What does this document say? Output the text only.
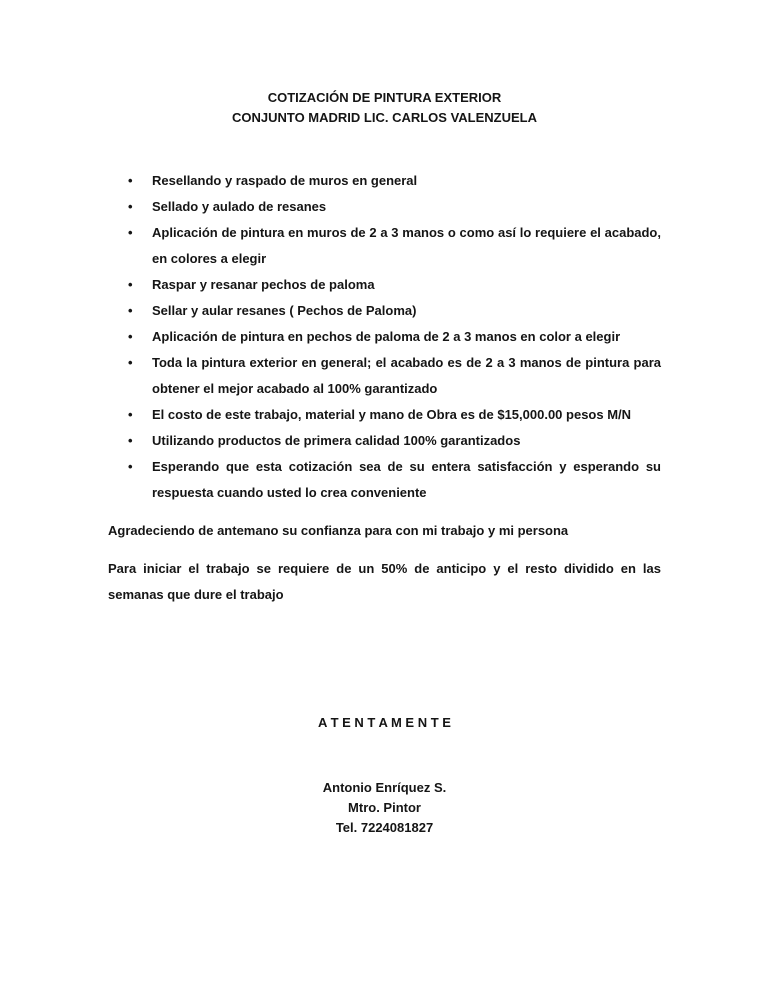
COTIZACIÓN DE PINTURA EXTERIOR
CONJUNTO MADRID LIC. CARLOS VALENZUELA
• Resellando y raspado de muros en general
• Sellado y aulado de resanes
• Aplicación de pintura en muros de 2 a 3 manos o como así lo requiere el acabado, en colores a elegir
• Raspar y resanar pechos de paloma
• Sellar y aular resanes ( Pechos de Paloma)
• Aplicación de pintura en pechos de paloma de 2 a 3 manos en color a elegir
• Toda la pintura exterior en general; el acabado es de 2 a 3 manos de pintura para obtener el mejor acabado al 100% garantizado
• El costo de este trabajo, material y mano de Obra es de $15,000.00 pesos M/N
• Utilizando productos de primera calidad 100% garantizados
• Esperando que esta cotización sea de su entera satisfacción y esperando su respuesta cuando usted lo crea conveniente

Agradeciendo de antemano su confianza para con mi trabajo y mi persona

Para iniciar el trabajo se requiere de un 50% de anticipo y el resto dividido en las semanas que dure el trabajo

A T E N T A M E N T E
Antonio Enríquez S.
Mtro. Pintor
Tel. 7224081827
